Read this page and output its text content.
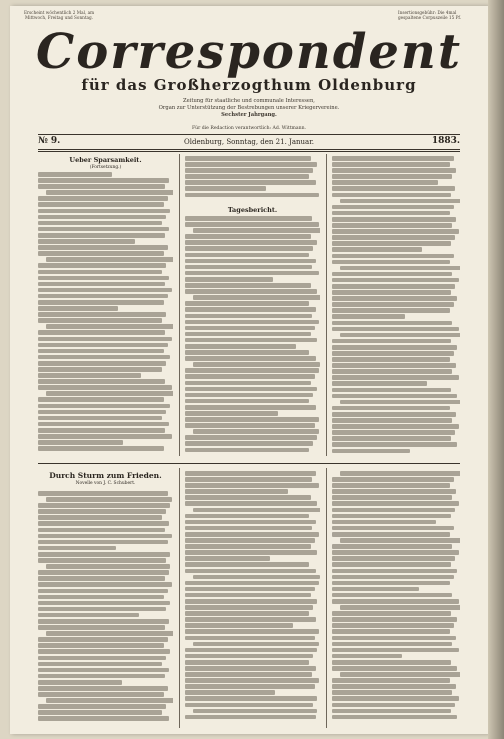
Erscheint wöchentlich 2 Mal, am Mittwoch, Freitag und Sonntag.
Insertionsgebühr: Die 4mal gespaltene Corpuszeile 15 Pf.
Correspondent
für das Großherzogthum Oldenburg
Zeitung für staatliche und communale Interessen,
Organ zur Unterstützung der Bestrebungen unserer Kriegervereine.
Sechster Jahrgang.
Für die Redaction verantwortlich: Ad. Wittmann.
№ 9.	Oldenburg, Sonntag, den 21. Januar.	1883.
Ueber Sparsamkeit.
(Fortsetzung.)
Tagesbericht.
Durch Sturm zum Frieden.
Novelle von J. C. Schubert.
